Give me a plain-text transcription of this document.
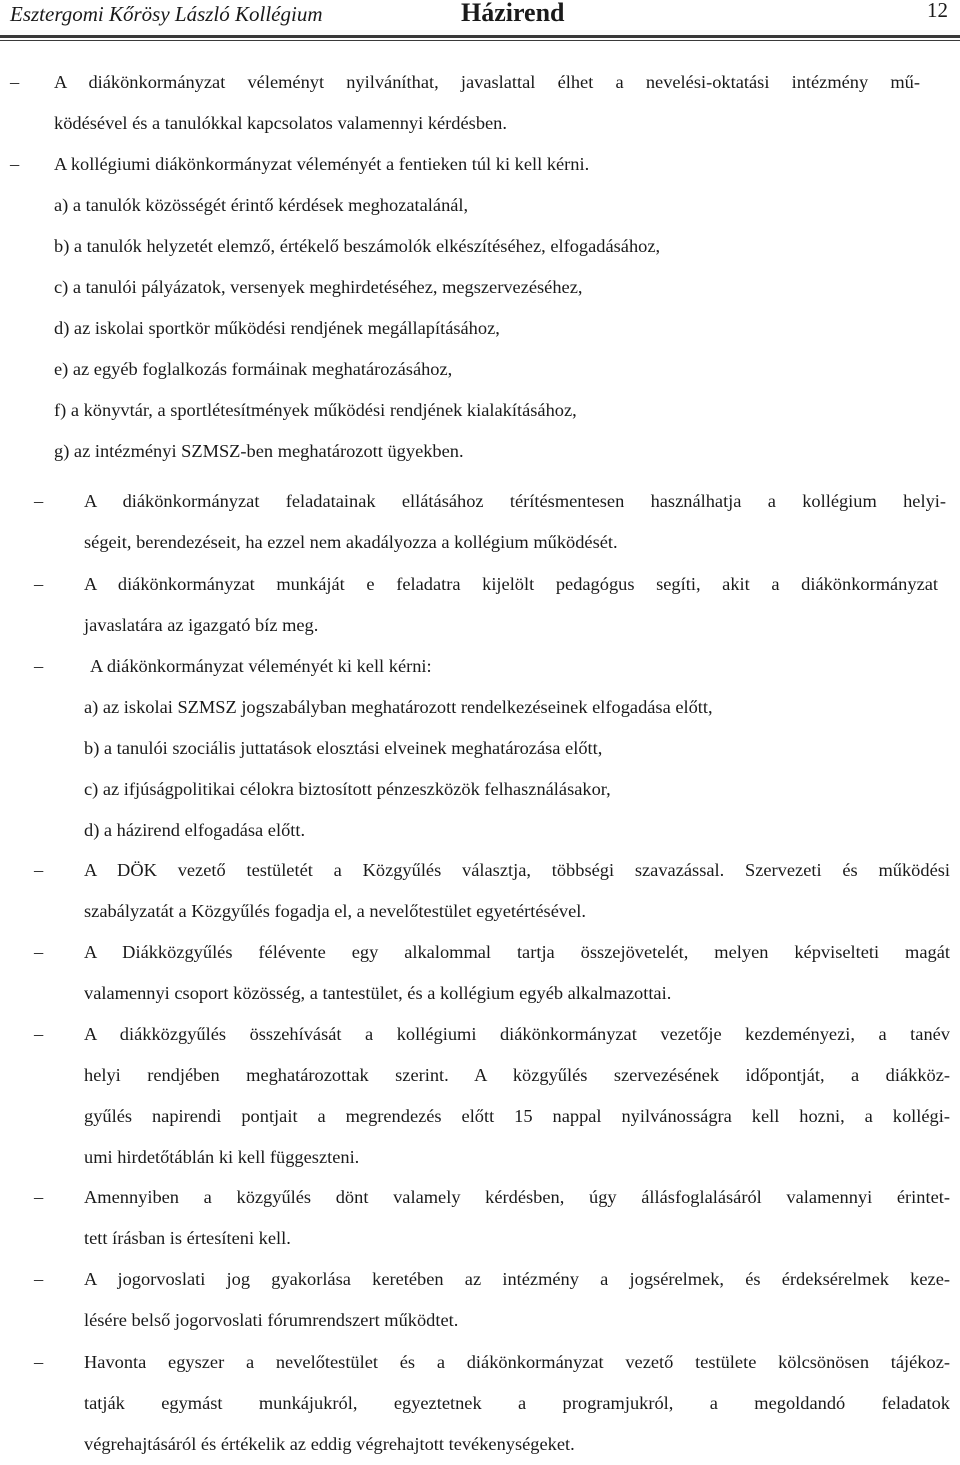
Esztergomi Kőrösy László Kollégium	Házirend	12
– A diákönkormányzat véleményt nyilváníthat, javaslattal élhet a nevelési-oktatási intézmény mű-
ködésével és a tanulókkal kapcsolatos valamennyi kérdésben.
– A kollégiumi diákönkormányzat véleményét a fentieken túl ki kell kérni.
a) a tanulók közösségét érintő kérdések meghozatalánál,
b) a tanulók helyzetét elemző, értékelő beszámolók elkészítéséhez, elfogadásához,
c) a tanulói pályázatok, versenyek meghirdetéséhez, megszervezéséhez,
d) az iskolai sportkör működési rendjének megállapításához,
e) az egyéb foglalkozás formáinak meghatározásához,
f) a könyvtár, a sportlétesítmények működési rendjének kialakításához,
g) az intézményi SZMSZ-ben meghatározott ügyekben.
– A diákönkormányzat feladatainak ellátásához térítésmentesen használhatja a kollégium helyi-
ségeit, berendezéseit, ha ezzel nem akadályozza a kollégium működését.
– A diákönkormányzat munkáját e feladatra kijelölt pedagógus segíti, akit a diákönkormányzat
javaslatára az igazgató bíz meg.
–	A diákönkormányzat véleményét ki kell kérni:
a) az iskolai SZMSZ jogszabályban meghatározott rendelkezéseinek elfogadása előtt,
b) a tanulói szociális juttatások elosztási elveinek meghatározása előtt,
c) az ifjúságpolitikai célokra biztosított pénzeszközök felhasználásakor,
d) a házirend elfogadása előtt.
– A DÖK vezető testületét a Közgyűlés választja, többségi szavazással. Szervezeti és működési
szabályzatát a Közgyűlés fogadja el, a nevelőtestület egyetértésével.
– A Diákközgyűlés félévente egy alkalommal tartja összejövetelét, melyen képviselteti magát
valamennyi csoport közösség, a tantestület, és a kollégium egyéb alkalmazottai.
– A diákközgyűlés összehívását a kollégiumi diákönkormányzat vezetője kezdeményezi, a tanév
helyi rendjében meghatározottak szerint. A közgyűlés szervezésének időpontját, a diákköz-
gyűlés napirendi pontjait a megrendezés előtt 15 nappal nyilvánosságra kell hozni, a kollégi-
umi hirdetőtáblán ki kell függeszteni.
– Amennyiben a közgyűlés dönt valamely kérdésben, úgy állásfoglalásáról valamennyi érintet-
tett írásban is értesíteni kell.
– A jogorvoslati jog gyakorlása keretében az intézmény a jogsérelmek, és érdeksérelmek keze-
lésére belső jogorvoslati fórumrendszert működtet.
– Havonta egyszer a nevelőtestület és a diákönkormányzat vezető testülete kölcsönösen tájékoz-
tatják egymást munkájukról, egyeztetnek a programjukról, a megoldandó feladatok
végrehajtásáról és értékelik az eddig végrehajtott tevékenységeket.
